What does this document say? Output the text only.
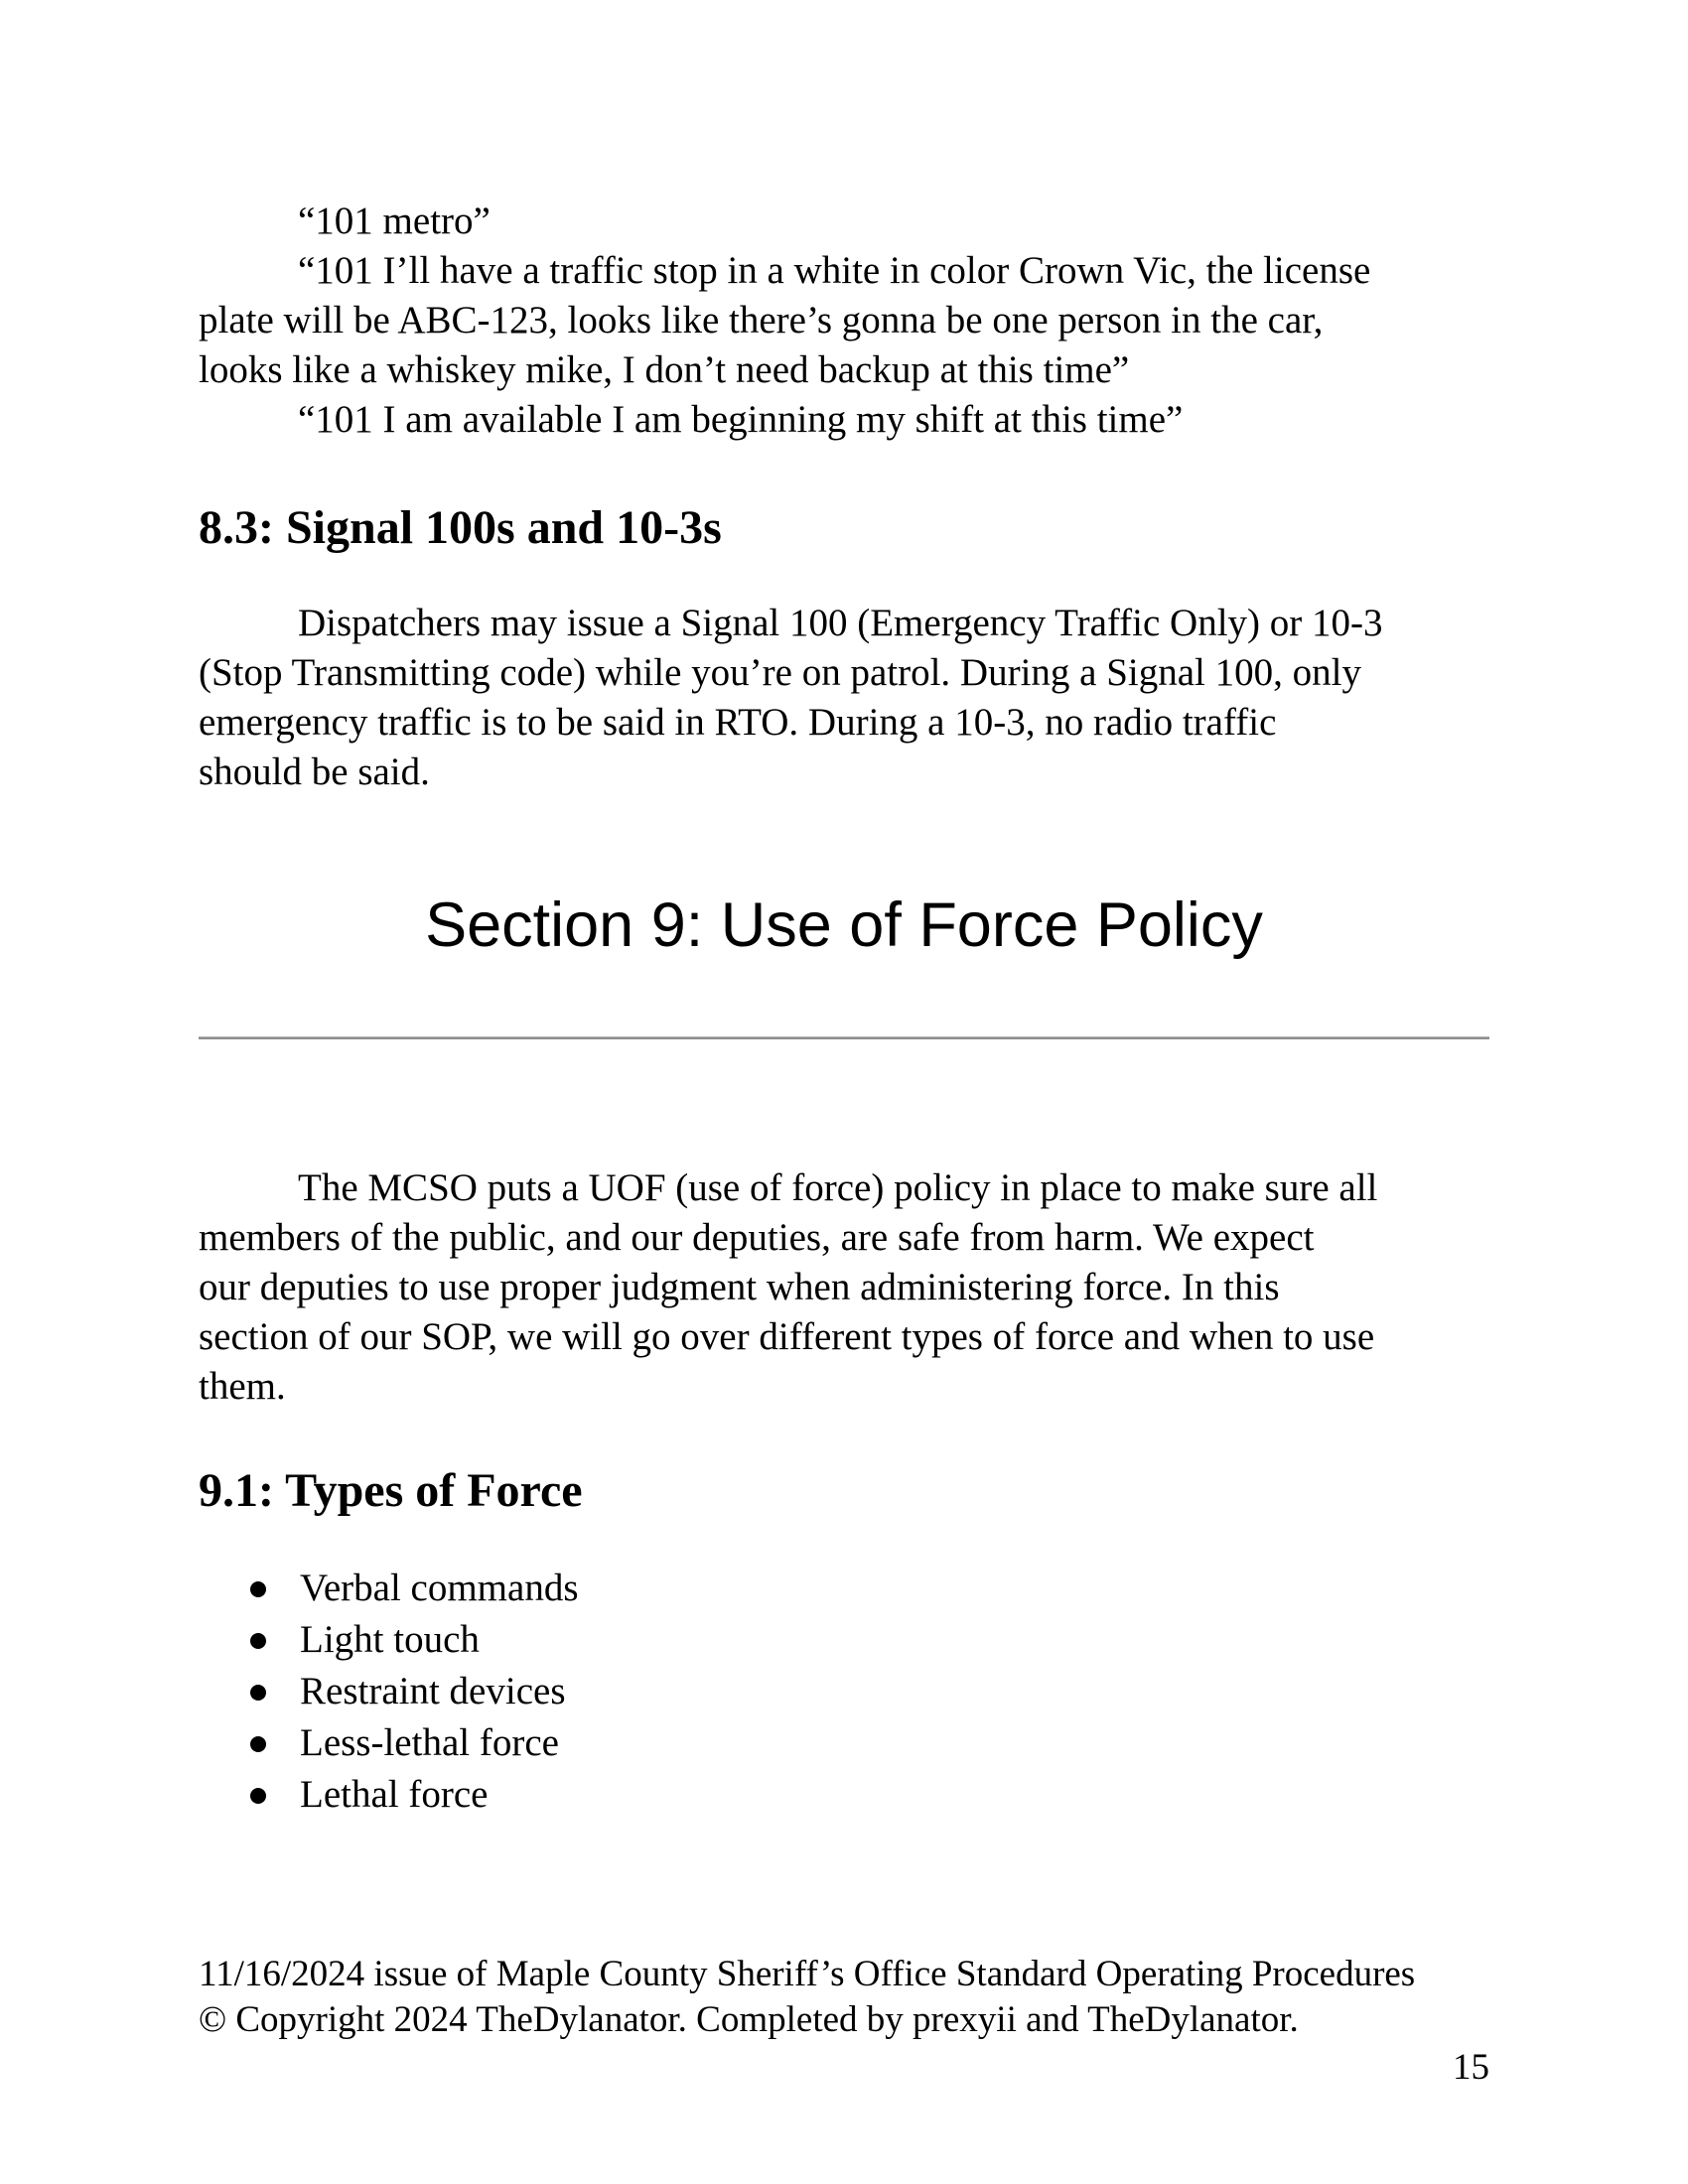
“101 metro”
“101 I’ll have a traffic stop in a white in color Crown Vic, the license
plate will be ABC-123, looks like there’s gonna be one person in the car,
looks like a whiskey mike, I don’t need backup at this time”
“101 I am available I am beginning my shift at this time”
8.3: Signal 100s and 10-3s
Dispatchers may issue a Signal 100 (Emergency Traffic Only) or 10-3
(Stop Transmitting code) while you’re on patrol. During a Signal 100, only
emergency traffic is to be said in RTO. During a 10-3, no radio traffic
should be said.
Section 9: Use of Force Policy
The MCSO puts a UOF (use of force) policy in place to make sure all
members of the public, and our deputies, are safe from harm. We expect
our deputies to use proper judgment when administering force. In this
section of our SOP, we will go over different types of force and when to use
them.
9.1: Types of Force
Verbal commands
Light touch
Restraint devices
Less-lethal force
Lethal force
11/16/2024 issue of Maple County Sheriff’s Office Standard Operating Procedures
© Copyright 2024 TheDylanator. Completed by prexyii and TheDylanator.
15
